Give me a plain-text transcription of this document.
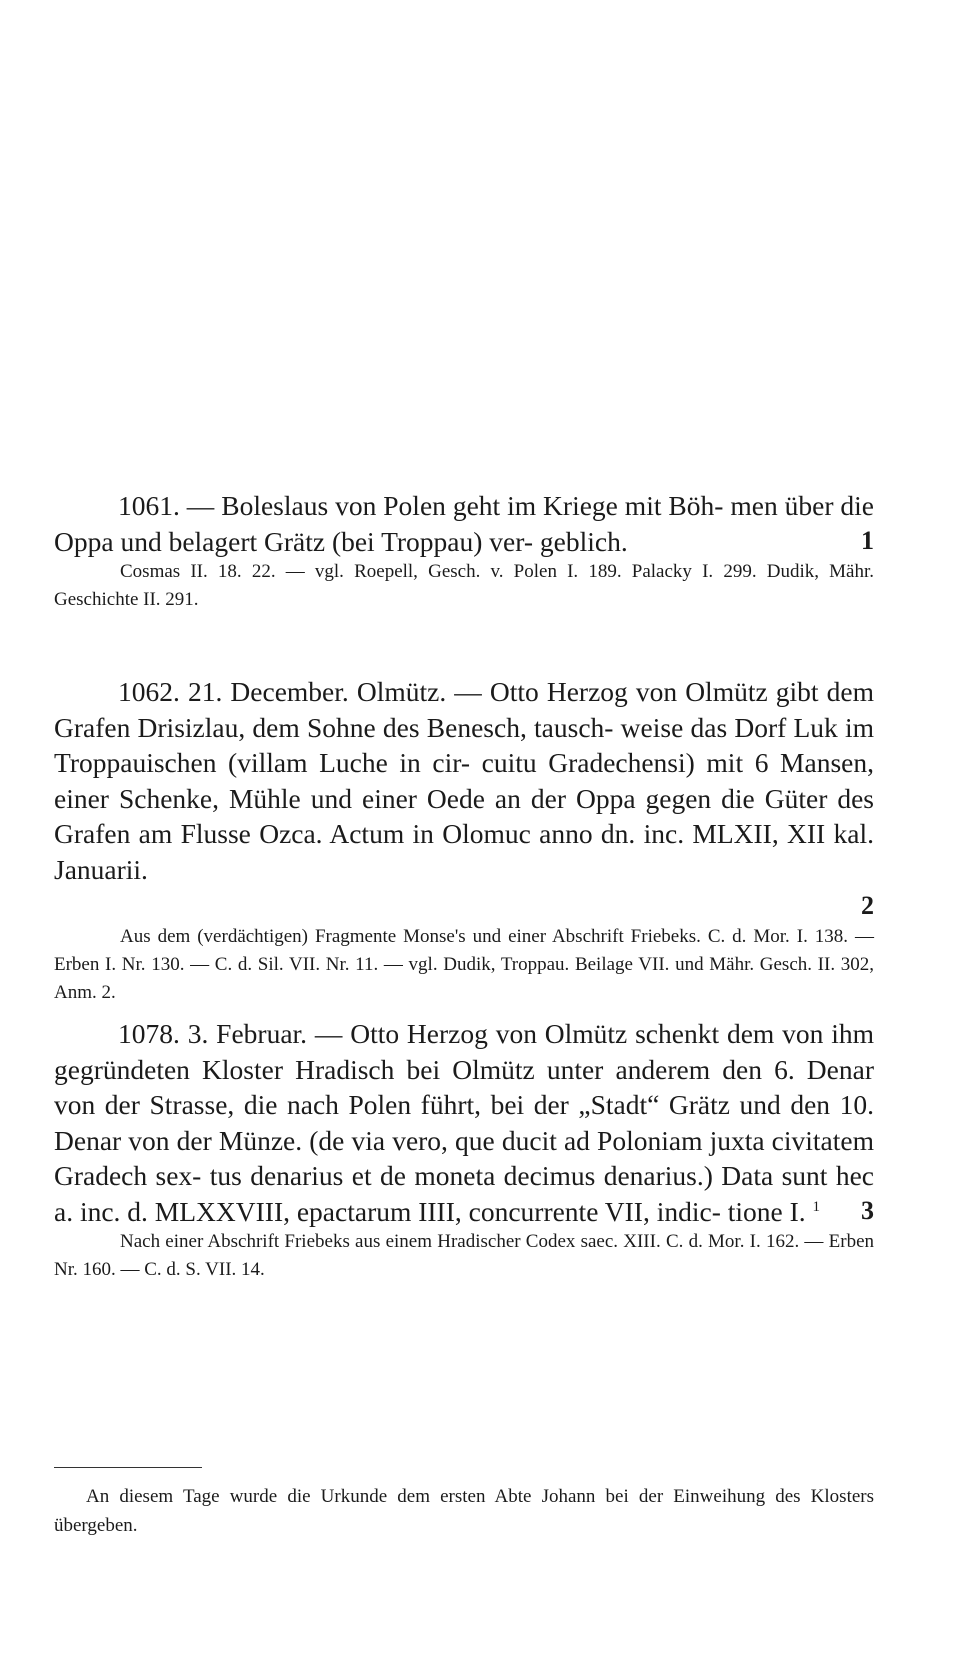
1061. — Boleslaus von Polen geht im Kriege mit Böh- men über die Oppa und belagert Grätz (bei Troppau) ver- geblich.	1

Cosmas II. 18. 22. — vgl. Roepell, Gesch. v. Polen I. 189. Palacky I. 299. Dudik, Mähr. Geschichte II. 291.

1062. 21. December. Olmütz. — Otto Herzog von Olmütz gibt dem Grafen Drisizlau, dem Sohne des Benesch, tausch- weise das Dorf Luk im Troppauischen (villam Luche in cir- cuitu Gradechensi) mit 6 Mansen, einer Schenke, Mühle und einer Oede an der Oppa gegen die Güter des Grafen am Flusse Ozca. Actum in Olomuc anno dn. inc. MLXII, XII kal. Januarii.

2

Aus dem (verdächtigen) Fragmente Monse's und einer Abschrift Friebeks. C. d. Mor. I. 138. — Erben I. Nr. 130. — C. d. Sil. VII. Nr. 11. — vgl. Dudik, Troppau. Beilage VII. und Mähr. Gesch. II. 302, Anm. 2.

1078. 3. Februar. — Otto Herzog von Olmütz schenkt dem von ihm gegründeten Kloster Hradisch bei Olmütz unter anderem den 6. Denar von der Strasse, die nach Polen führt, bei der „Stadt“ Grätz und den 10. Denar von der Münze. (de via vero, que ducit ad Poloniam juxta civitatem Gradech sex- tus denarius et de moneta decimus denarius.) Data sunt hec a. inc. d. MLXXVIII, epactarum IIII, concurrente VII, indic- tione I. $^1$	3

Nach einer Abschrift Friebeks aus einem Hradischer Codex saec. XIII. C. d. Mor. I. 162. — Erben Nr. 160. — C. d. S. VII. 14.

An diesem Tage wurde die Urkunde dem ersten Abte Johann bei der Einweihung des Klosters übergeben.
